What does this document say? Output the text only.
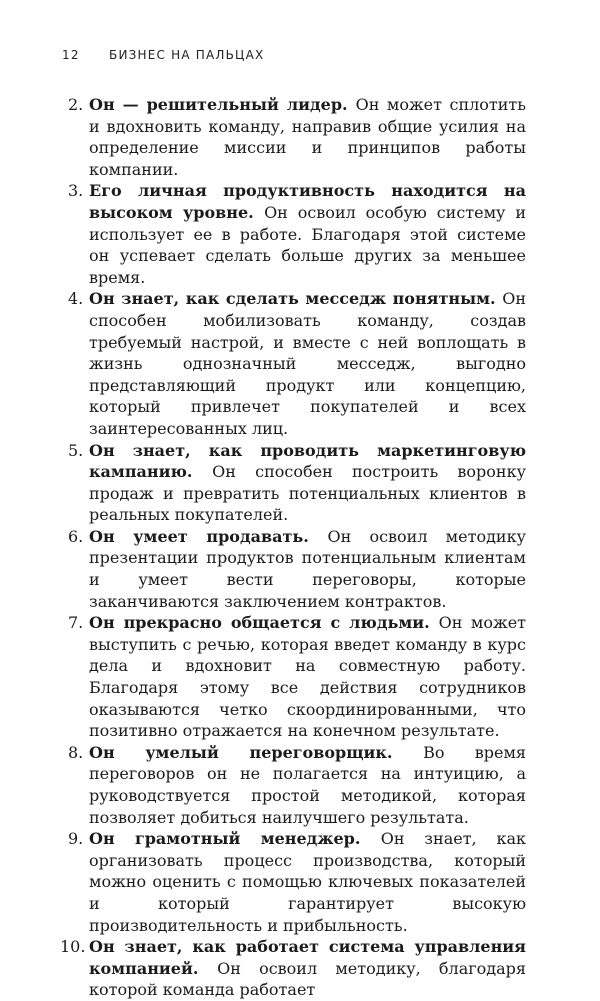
12 БИЗНЕС НА ПАЛЬЦАХ
2. Он — решительный лидер. Он может сплотить и вдохновить команду, направив общие усилия на определение миссии и принципов работы компании.
3. Его личная продуктивность находится на высоком уровне. Он освоил особую систему и использует ее в работе. Благодаря этой системе он успевает сделать больше других за меньшее время.
4. Он знает, как сделать месседж понятным. Он способен мобилизовать команду, создав требуемый настрой, и вместе с ней воплощать в жизнь однозначный месседж, выгодно представляющий продукт или концепцию, который привлечет покупателей и всех заинтересованных лиц.
5. Он знает, как проводить маркетинговую кампанию. Он способен построить воронку продаж и превратить потенциальных клиентов в реальных покупателей.
6. Он умеет продавать. Он освоил методику презентации продуктов потенциальным клиентам и умеет вести переговоры, которые заканчиваются заключением контрактов.
7. Он прекрасно общается с людьми. Он может выступить с речью, которая введет команду в курс дела и вдохновит на совместную работу. Благодаря этому все действия сотрудников оказываются четко скоординированными, что позитивно отражается на конечном результате.
8. Он умелый переговорщик. Во время переговоров он не полагается на интуицию, а руководствуется простой методикой, которая позволяет добиться наилучшего результата.
9. Он грамотный менеджер. Он знает, как организовать процесс производства, который можно оценить с помощью ключевых показателей и который гарантирует высокую производительность и прибыльность.
10. Он знает, как работает система управления компанией. Он освоил методику, благодаря которой команда работает
